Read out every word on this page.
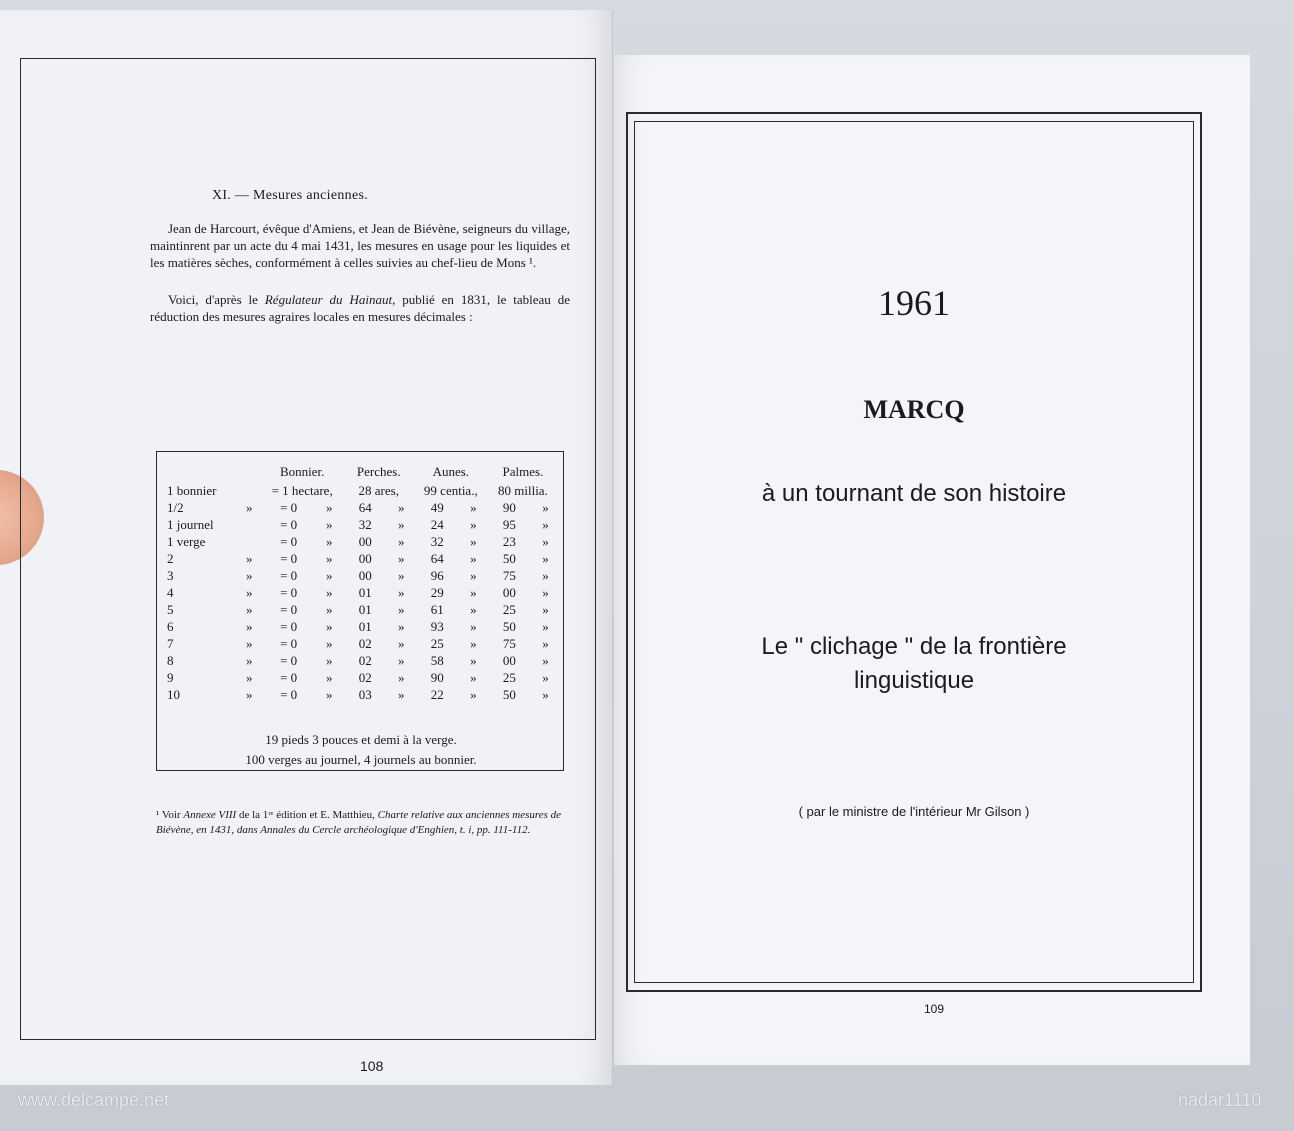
XI. — Mesures anciennes.

Jean de Harcourt, évêque d'Amiens, et Jean de Biévène, seigneurs du village, maintinrent par un acte du 4 mai 1431, les mesures en usage pour les liquides et les matières sèches, conformément à celles suivies au chef-lieu de Mons ¹.

Voici, d'après le Régulateur du Hainaut, publié en 1831, le tableau de réduction des mesures agraires locales en mesures décimales :

		Bonnier.		Perches.		Aunes.		Palmes.	
1 bonnier		= 1 hectare,		28 ares,		99 centia.,		80 millia.	
1/2	»	= 0	»	64	»	49	»	90	»
1 journel		= 0	»	32	»	24	»	95	»
1 verge		= 0	»	00	»	32	»	23	»
2	»	= 0	»	00	»	64	»	50	»
3	»	= 0	»	00	»	96	»	75	»
4	»	= 0	»	01	»	29	»	00	»
5	»	= 0	»	01	»	61	»	25	»
6	»	= 0	»	01	»	93	»	50	»
7	»	= 0	»	02	»	25	»	75	»
8	»	= 0	»	02	»	58	»	00	»
9	»	= 0	»	02	»	90	»	25	»
10	»	= 0	»	03	»	22	»	50	»
19 pieds 3 pouces et demi à la verge.
100 verges au journel, 4 journels au bonnier.
¹ Voir Annexe VIII de la 1ʳᵉ édition et E. Matthieu, Charte relative aux anciennes mesures de Biévène, en 1431, dans Annales du Cercle archéologique d'Enghien, t. i, pp. 111-112.
108
1961
MARCQ
à un tournant de son histoire
Le " clichage " de la frontière
linguistique
( par le ministre de l'intérieur Mr Gilson )
109
www.delcampe.net	nadar1110
